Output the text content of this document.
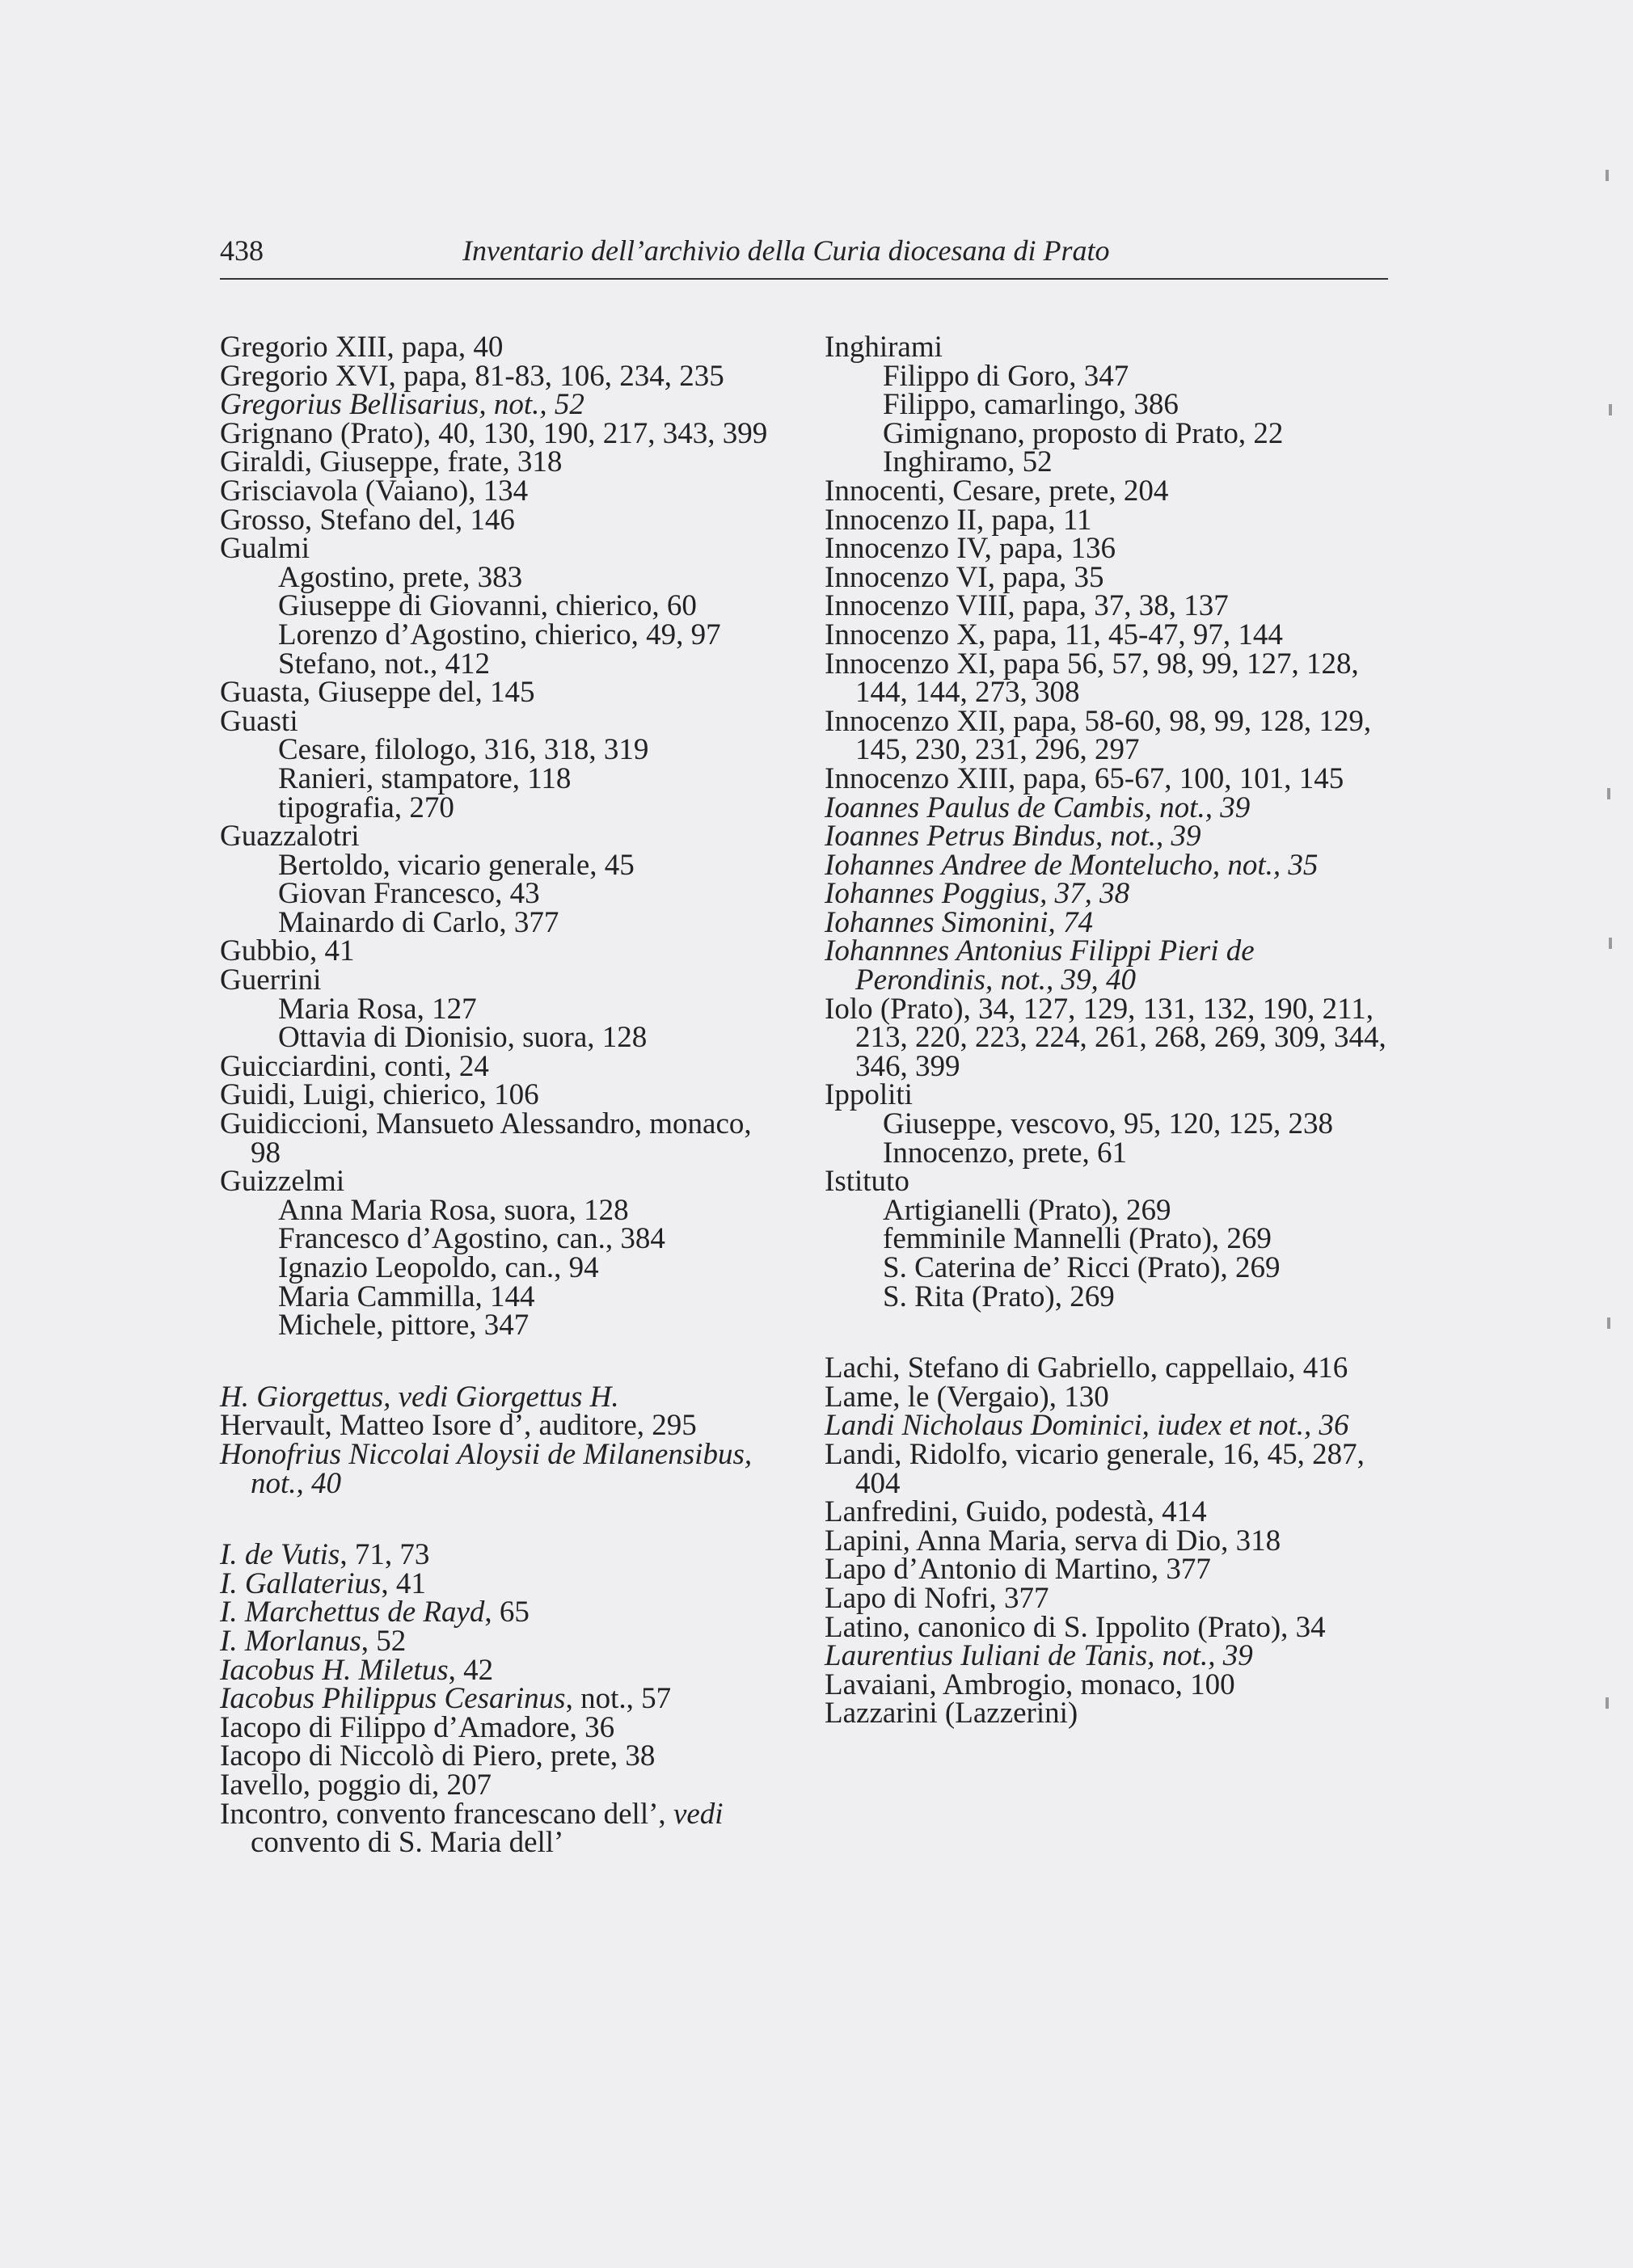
438	Inventario dell’archivio della Curia diocesana di Prato
Gregorio XIII, papa, 40
Gregorio XVI, papa, 81-83, 106, 234, 235
Gregorius Bellisarius, not., 52
Grignano (Prato), 40, 130, 190, 217, 343, 399
Giraldi, Giuseppe, frate, 318
Grisciavola (Vaiano), 134
Grosso, Stefano del, 146
Gualmi
Agostino, prete, 383
Giuseppe di Giovanni, chierico, 60
Lorenzo d’Agostino, chierico, 49, 97
Stefano, not., 412
Guasta, Giuseppe del, 145
Guasti
Cesare, filologo, 316, 318, 319
Ranieri, stampatore, 118
tipografia, 270
Guazzalotri
Bertoldo, vicario generale, 45
Giovan Francesco, 43
Mainardo di Carlo, 377
Gubbio, 41
Guerrini
Maria Rosa, 127
Ottavia di Dionisio, suora, 128
Guicciardini, conti, 24
Guidi, Luigi, chierico, 106
Guidiccioni, Mansueto Alessandro, monaco, 98
Guizzelmi
Anna Maria Rosa, suora, 128
Francesco d’Agostino, can., 384
Ignazio Leopoldo, can., 94
Maria Cammilla, 144
Michele, pittore, 347
H. Giorgettus, vedi Giorgettus H.
Hervault, Matteo Isore d’, auditore, 295
Honofrius Niccolai Aloysii de Milanensibus, not., 40
I. de Vutis, 71, 73
I. Gallaterius, 41
I. Marchettus de Rayd, 65
I. Morlanus, 52
Iacobus H. Miletus, 42
Iacobus Philippus Cesarinus, not., 57
Iacopo di Filippo d’Amadore, 36
Iacopo di Niccolò di Piero, prete, 38
Iavello, poggio di, 207
Incontro, convento francescano dell’, vedi convento di S. Maria dell’
Inghirami
Filippo di Goro, 347
Filippo, camarlingo, 386
Gimignano, proposto di Prato, 22
Inghiramo, 52
Innocenti, Cesare, prete, 204
Innocenzo II, papa, 11
Innocenzo IV, papa, 136
Innocenzo VI, papa, 35
Innocenzo VIII, papa, 37, 38, 137
Innocenzo X, papa, 11, 45-47, 97, 144
Innocenzo XI, papa 56, 57, 98, 99, 127, 128, 144, 144, 273, 308
Innocenzo XII, papa, 58-60, 98, 99, 128, 129, 145, 230, 231, 296, 297
Innocenzo XIII, papa, 65-67, 100, 101, 145
Ioannes Paulus de Cambis, not., 39
Ioannes Petrus Bindus, not., 39
Iohannes Andree de Montelucho, not., 35
Iohannes Poggius, 37, 38
Iohannes Simonini, 74
Iohannnes Antonius Filippi Pieri de Perondinis, not., 39, 40
Iolo (Prato), 34, 127, 129, 131, 132, 190, 211, 213, 220, 223, 224, 261, 268, 269, 309, 344, 346, 399
Ippoliti
Giuseppe, vescovo, 95, 120, 125, 238
Innocenzo, prete, 61
Istituto
Artigianelli (Prato), 269
femminile Mannelli (Prato), 269
S. Caterina de’ Ricci (Prato), 269
S. Rita (Prato), 269
Lachi, Stefano di Gabriello, cappellaio, 416
Lame, le (Vergaio), 130
Landi Nicholaus Dominici, iudex et not., 36
Landi, Ridolfo, vicario generale, 16, 45, 287, 404
Lanfredini, Guido, podestà, 414
Lapini, Anna Maria, serva di Dio, 318
Lapo d’Antonio di Martino, 377
Lapo di Nofri, 377
Latino, canonico di S. Ippolito (Prato), 34
Laurentius Iuliani de Tanis, not., 39
Lavaiani, Ambrogio, monaco, 100
Lazzarini (Lazzerini)
